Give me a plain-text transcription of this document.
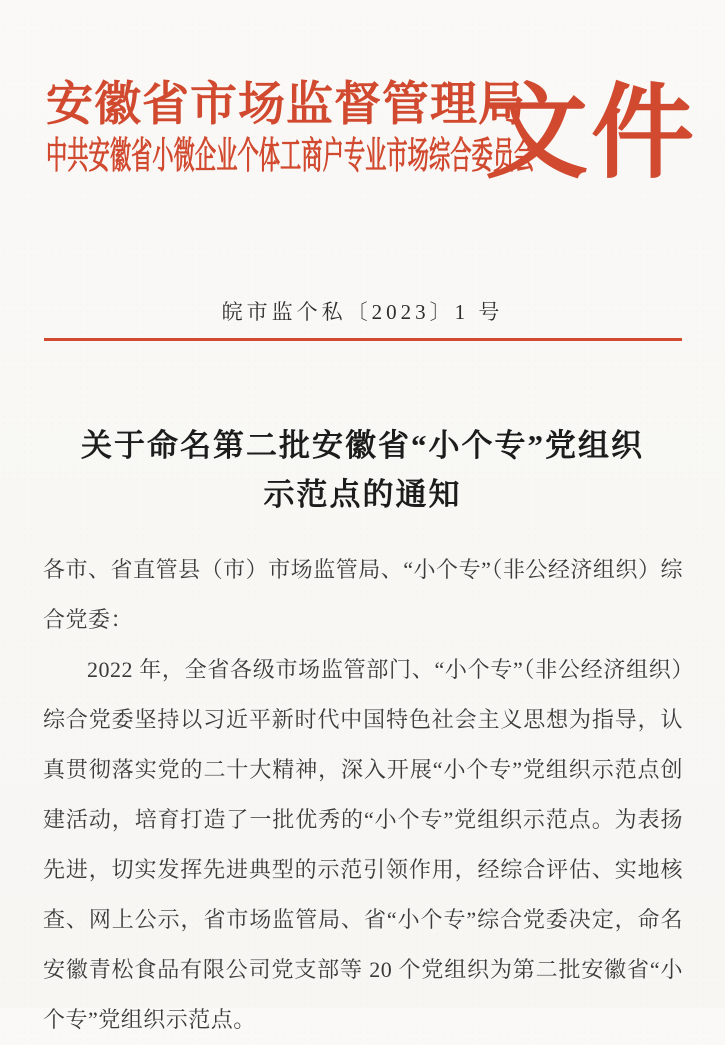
安徽省市场监督管理局
中共安徽省小微企业个体工商户专业市场综合委员会
文件
皖市监个私〔2023〕1 号
关于命名第二批安徽省“小个专”党组织
示范点的通知

各市、省直管县（市）市场监管局、“小个专”（非公经济组织）综合党委：

2022 年，全省各级市场监管部门、“小个专”（非公经济组织）综合党委坚持以习近平新时代中国特色社会主义思想为指导，认真贯彻落实党的二十大精神，深入开展“小个专”党组织示范点创建活动，培育打造了一批优秀的“小个专”党组织示范点。为表扬先进，切实发挥先进典型的示范引领作用，经综合评估、实地核查、网上公示，省市场监管局、省“小个专”综合党委决定，命名安徽青松食品有限公司党支部等 20 个党组织为第二批安徽省“小个专”党组织示范点。
